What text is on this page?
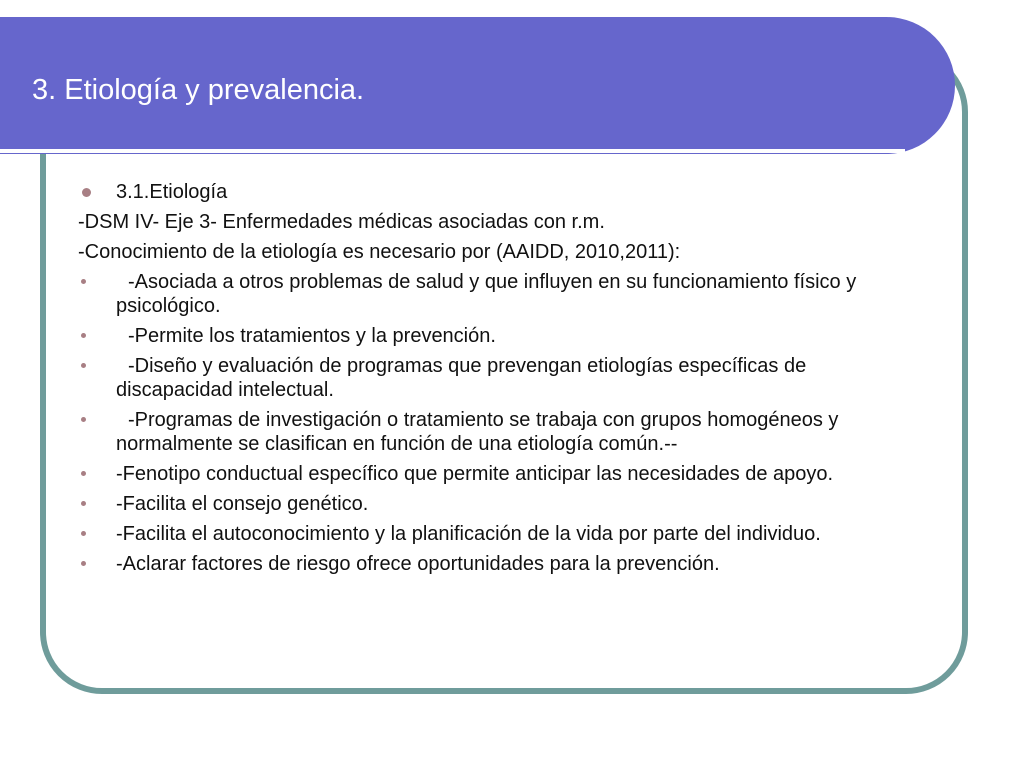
3. Etiología y prevalencia.
3.1.Etiología
-DSM IV- Eje 3- Enfermedades médicas asociadas con r.m.
-Conocimiento de la etiología es necesario por (AAIDD, 2010,2011):
-Asociada a otros problemas de salud y que influyen en su funcionamiento físico y psicológico.
-Permite los tratamientos y la prevención.
-Diseño y evaluación de programas que prevengan etiologías específicas de discapacidad intelectual.
-Programas de investigación o tratamiento se trabaja con grupos homogéneos y normalmente se clasifican en función de una etiología común.--
-Fenotipo conductual específico que permite anticipar las necesidades de apoyo.
-Facilita el consejo genético.
-Facilita el autoconocimiento y la planificación de la vida por parte del individuo.
-Aclarar factores de riesgo ofrece oportunidades para la prevención.
